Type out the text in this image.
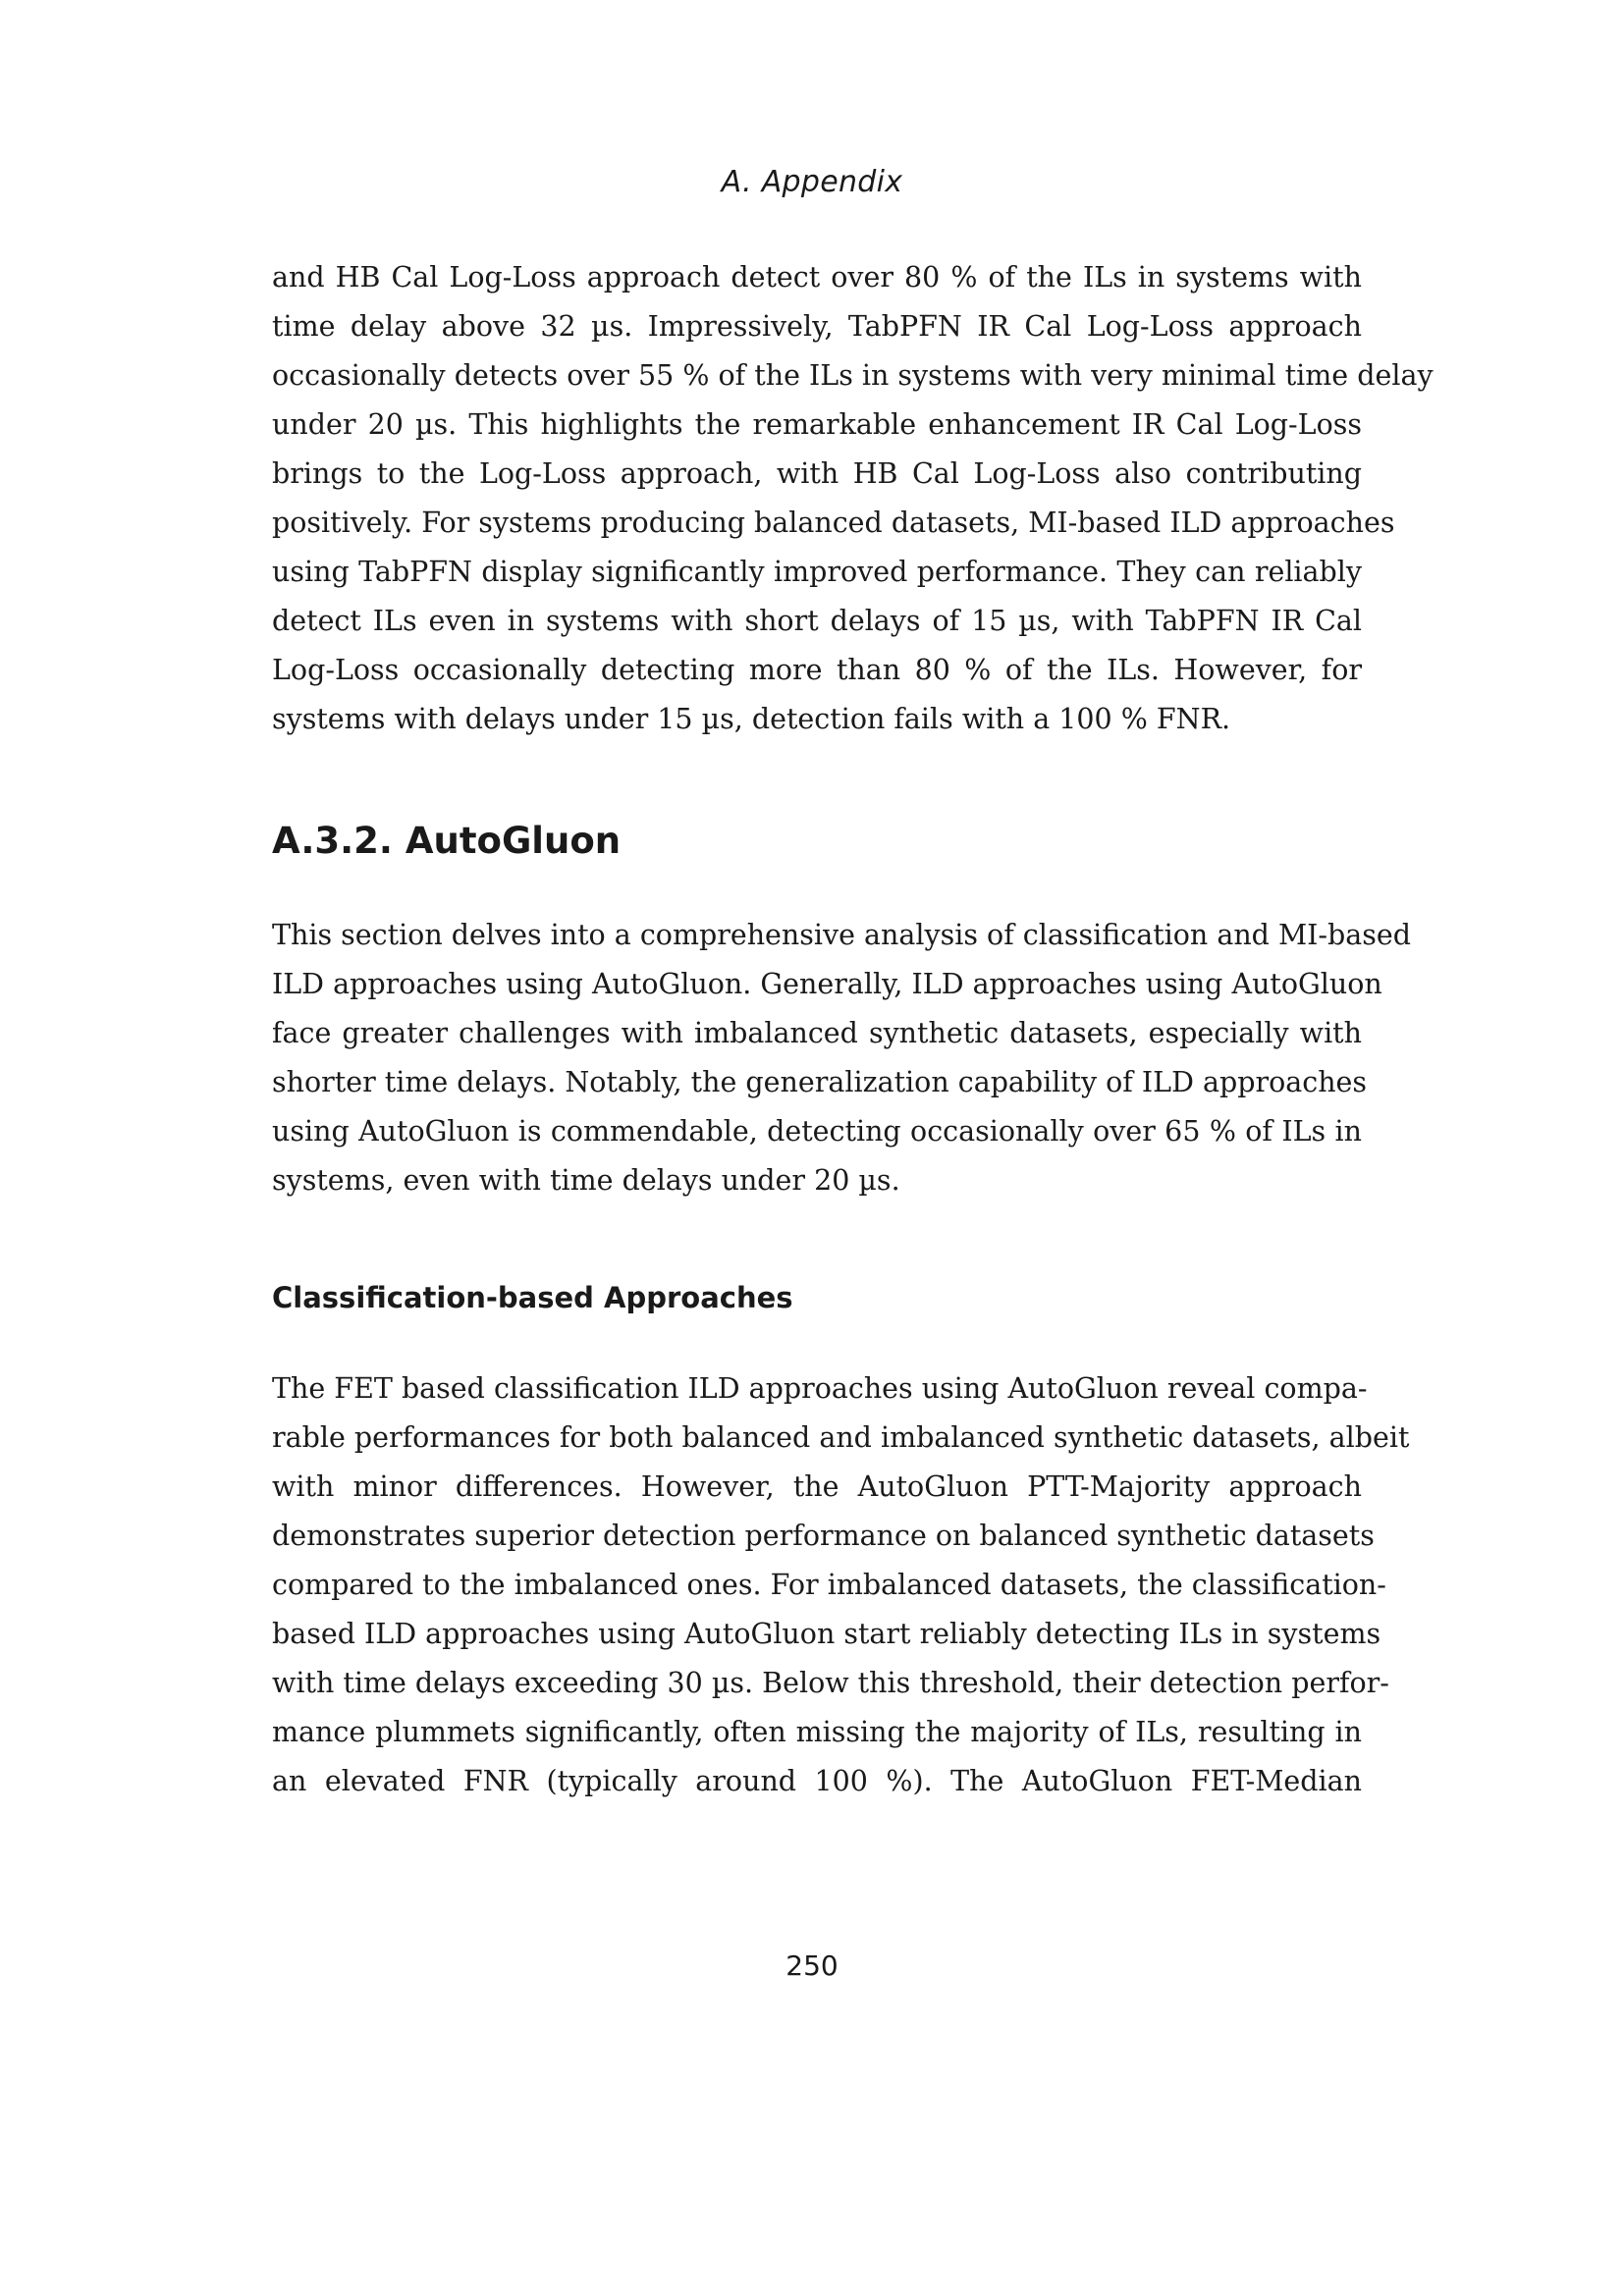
A. Appendix

and HB Cal Log-Loss approach detect over 80 % of the ILs in systems with
time delay above 32 µs. Impressively, TabPFN IR Cal Log-Loss approach
occasionally detects over 55 % of the ILs in systems with very minimal time delay
under 20 µs. This highlights the remarkable enhancement IR Cal Log-Loss
brings to the Log-Loss approach, with HB Cal Log-Loss also contributing
positively. For systems producing balanced datasets, MI-based ILD approaches
using TabPFN display significantly improved performance. They can reliably
detect ILs even in systems with short delays of 15 µs, with TabPFN IR Cal
Log-Loss occasionally detecting more than 80 % of the ILs. However, for
systems with delays under 15 µs, detection fails with a 100 % FNR.

A.3.2. AutoGluon

This section delves into a comprehensive analysis of classification and MI-based
ILD approaches using AutoGluon. Generally, ILD approaches using AutoGluon
face greater challenges with imbalanced synthetic datasets, especially with
shorter time delays. Notably, the generalization capability of ILD approaches
using AutoGluon is commendable, detecting occasionally over 65 % of ILs in
systems, even with time delays under 20 µs.

Classification-based Approaches

The FET based classification ILD approaches using AutoGluon reveal compa-
rable performances for both balanced and imbalanced synthetic datasets, albeit
with minor differences. However, the AutoGluon PTT-Majority approach
demonstrates superior detection performance on balanced synthetic datasets
compared to the imbalanced ones. For imbalanced datasets, the classification-
based ILD approaches using AutoGluon start reliably detecting ILs in systems
with time delays exceeding 30 µs. Below this threshold, their detection perfor-
mance plummets significantly, often missing the majority of ILs, resulting in
an elevated FNR (typically around 100 %). The AutoGluon FET-Median

250
